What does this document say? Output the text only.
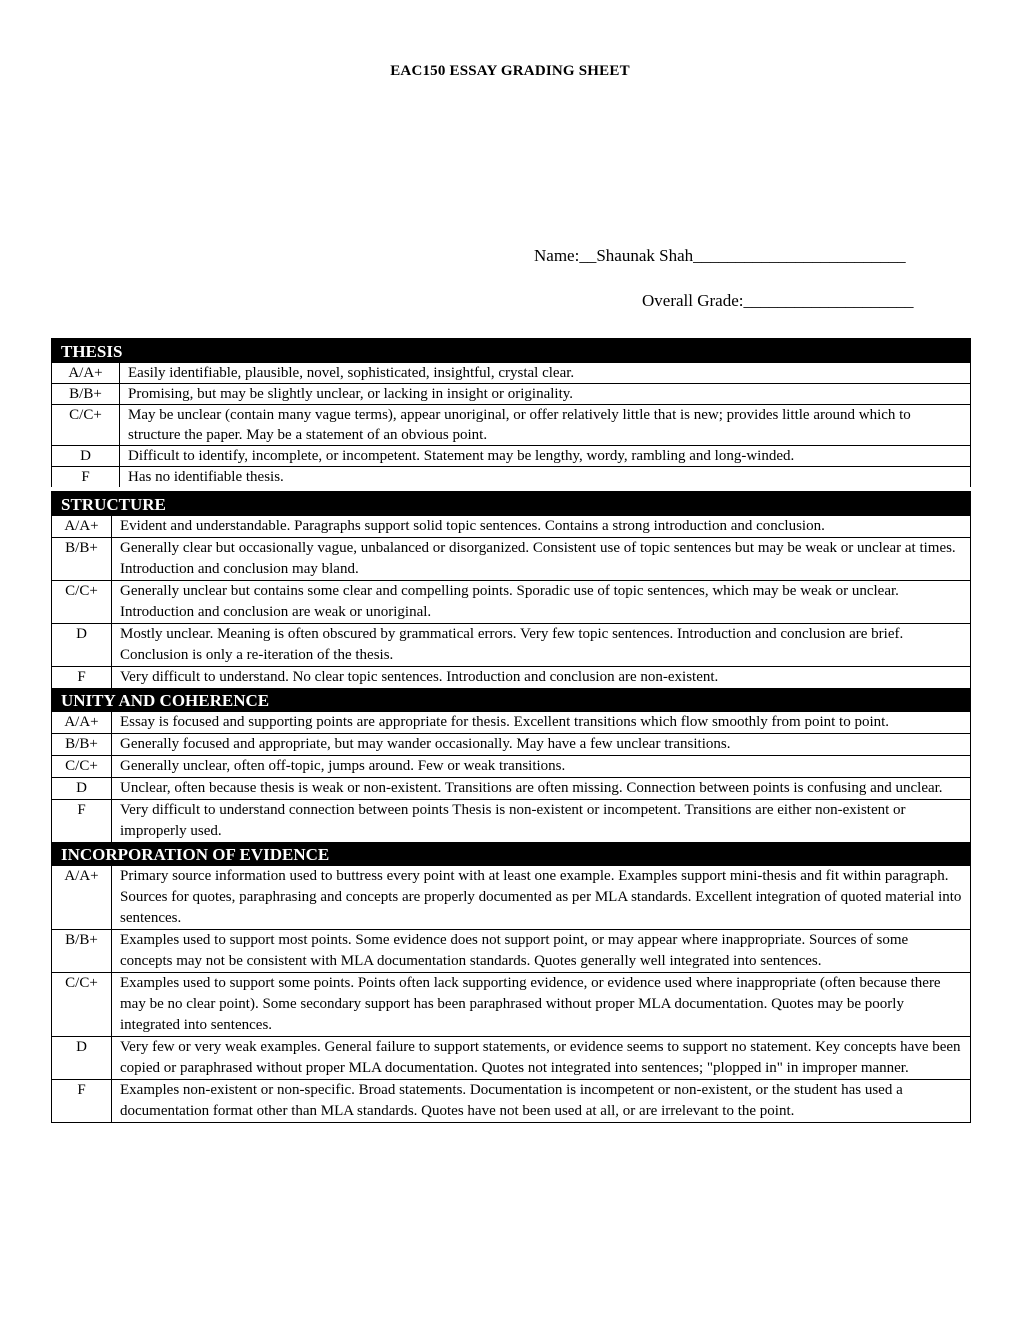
EAC150 ESSAY GRADING SHEET
Name:__Shaunak Shah_________________________
Overall Grade:____________________
THESIS
A/A+	Easily identifiable, plausible, novel, sophisticated, insightful, crystal clear.
B/B+	Promising, but may be slightly unclear, or lacking in insight or originality.
C/C+	May be unclear (contain many vague terms), appear unoriginal, or offer relatively little that is new; provides little around which to structure the paper. May be a statement of an obvious point.
D	Difficult to identify, incomplete, or incompetent. Statement may be lengthy, wordy, rambling and long-winded.
F	Has no identifiable thesis.
STRUCTURE
A/A+	Evident and understandable. Paragraphs support solid topic sentences. Contains a strong introduction and conclusion.
B/B+	Generally clear but occasionally vague, unbalanced or disorganized. Consistent use of topic sentences but may be weak or unclear at times. Introduction and conclusion may bland.
C/C+	Generally unclear but contains some clear and compelling points. Sporadic use of topic sentences, which may be weak or unclear. Introduction and conclusion are weak or unoriginal.
D	Mostly unclear. Meaning is often obscured by grammatical errors. Very few topic sentences. Introduction and conclusion are brief. Conclusion is only a re-iteration of the thesis.
F	Very difficult to understand. No clear topic sentences. Introduction and conclusion are non-existent.
UNITY AND COHERENCE
A/A+	Essay is focused and supporting points are appropriate for thesis. Excellent transitions which flow smoothly from point to point.
B/B+	Generally focused and appropriate, but may wander occasionally. May have a few unclear transitions.
C/C+	Generally unclear, often off-topic, jumps around. Few or weak transitions.
D	Unclear, often because thesis is weak or non-existent. Transitions are often missing. Connection between points is confusing and unclear.
F	Very difficult to understand connection between points Thesis is non-existent or incompetent. Transitions are either non-existent or improperly used.
INCORPORATION OF EVIDENCE
A/A+	Primary source information used to buttress every point with at least one example. Examples support mini-thesis and fit within paragraph. Sources for quotes, paraphrasing and concepts are properly documented as per MLA standards. Excellent integration of quoted material into sentences.
B/B+	Examples used to support most points. Some evidence does not support point, or may appear where inappropriate. Sources of some concepts may not be consistent with MLA documentation standards. Quotes generally well integrated into sentences.
C/C+	Examples used to support some points. Points often lack supporting evidence, or evidence used where inappropriate (often because there may be no clear point). Some secondary support has been paraphrased without proper MLA documentation. Quotes may be poorly integrated into sentences.
D	Very few or very weak examples. General failure to support statements, or evidence seems to support no statement. Key concepts have been copied or paraphrased without proper MLA documentation. Quotes not integrated into sentences; "plopped in" in improper manner.
F	Examples non-existent or non-specific. Broad statements. Documentation is incompetent or non-existent, or the student has used a documentation format other than MLA standards. Quotes have not been used at all, or are irrelevant to the point.
